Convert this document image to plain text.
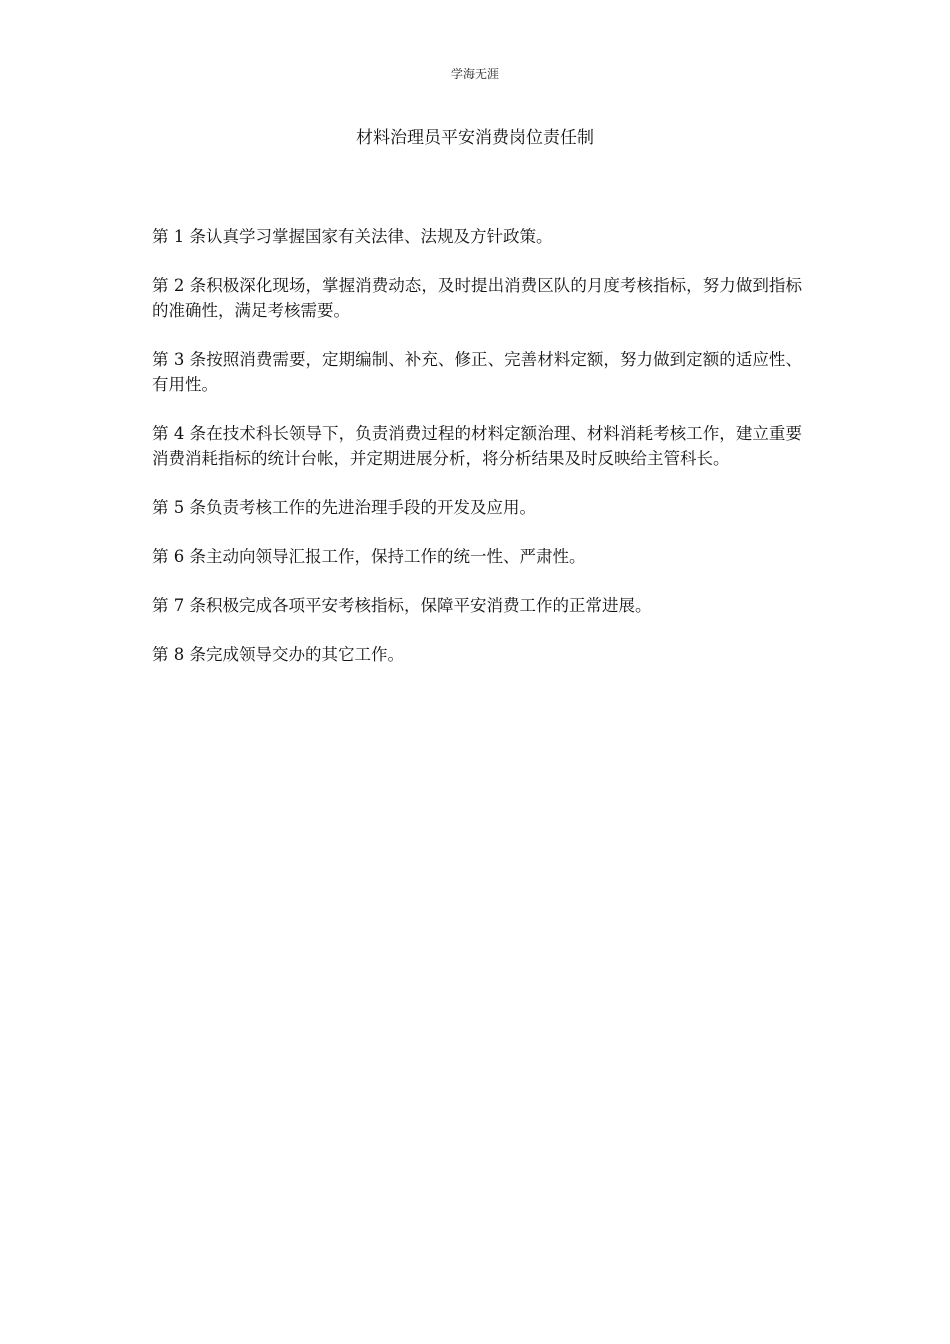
学海无涯
材料治理员平安消费岗位责任制

第 1 条认真学习掌握国家有关法律、法规及方针政策。

第 2 条积极深化现场，掌握消费动态，及时提出消费区队的月度考核指标，努力做到指标的准确性，满足考核需要。

第 3 条按照消费需要，定期编制、补充、修正、完善材料定额，努力做到定额的适应性、有用性。

第 4 条在技术科长领导下，负责消费过程的材料定额治理、材料消耗考核工作，建立重要消费消耗指标的统计台帐，并定期进展分析，将分析结果及时反映给主管科长。

第 5 条负责考核工作的先进治理手段的开发及应用。

第 6 条主动向领导汇报工作，保持工作的统一性、严肃性。

第 7 条积极完成各项平安考核指标，保障平安消费工作的正常进展。

第 8 条完成领导交办的其它工作。
